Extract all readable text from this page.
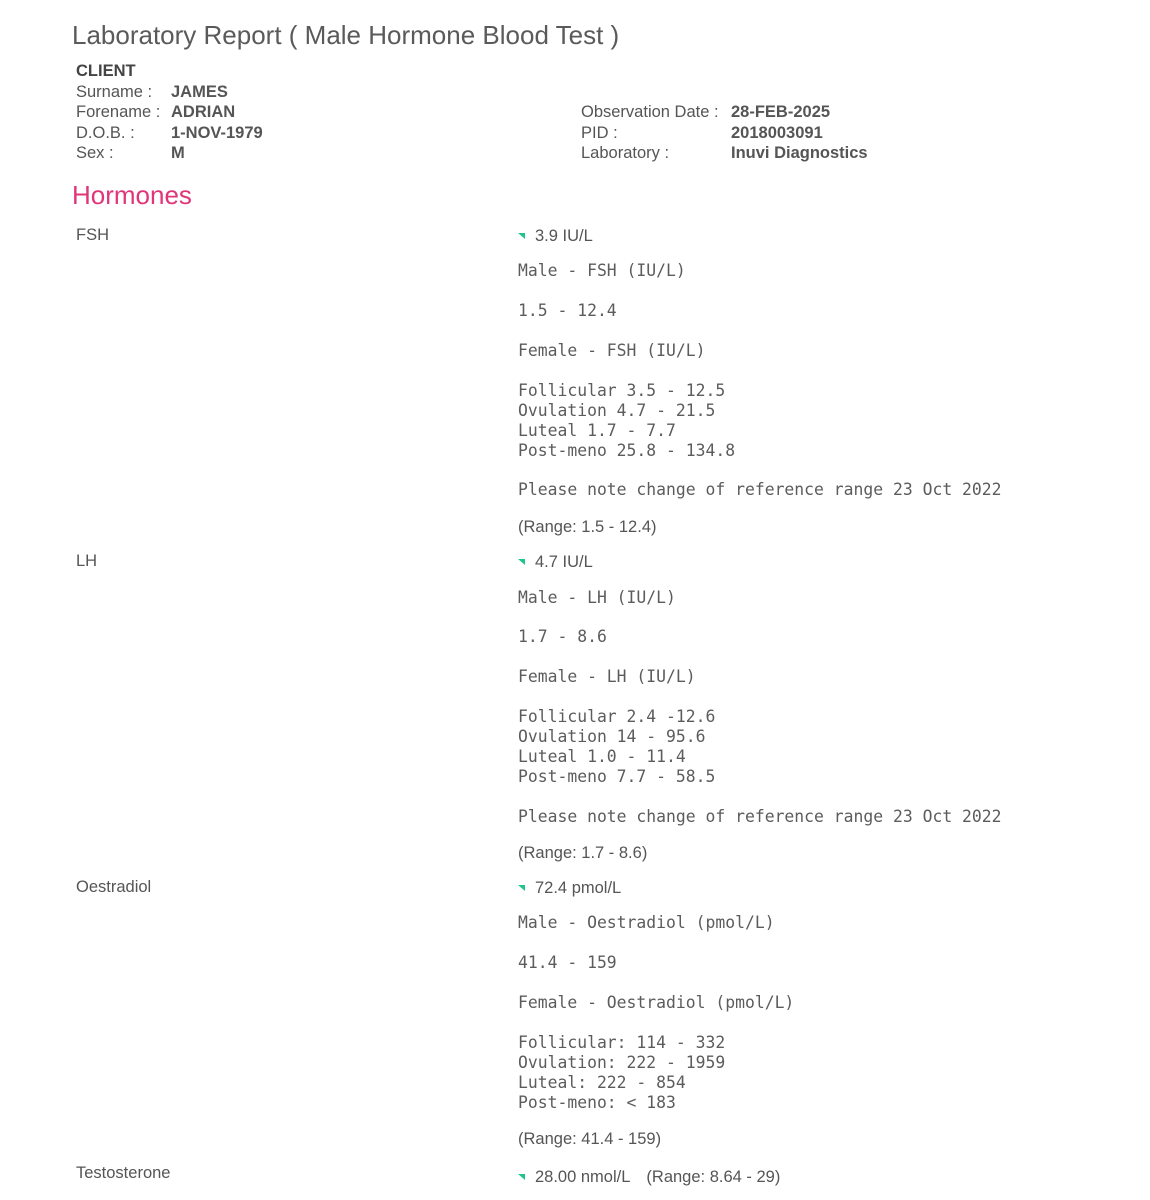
Laboratory Report ( Male Hormone Blood Test )
CLIENT
Surname :	JAMES
Forename : ADRIAN
D.O.B. :	1-NOV-1979
Sex :	M
Observation Date : 28-FEB-2025
PID :	2018003091
Laboratory :	Inuvi Diagnostics
Hormones
FSH	3.9 IU/L
Male - FSH (IU/L)
1.5 - 12.4
Female - FSH (IU/L)
Follicular 3.5 - 12.5
Ovulation 4.7 - 21.5
Luteal 1.7 - 7.7
Post-meno 25.8 - 134.8
Please note change of reference range 23 Oct 2022
(Range: 1.5 - 12.4)
LH	4.7 IU/L
Male - LH (IU/L)
1.7 - 8.6
Female - LH (IU/L)
Follicular 2.4 -12.6
Ovulation 14 - 95.6
Luteal 1.0 - 11.4
Post-meno 7.7 - 58.5
Please note change of reference range 23 Oct 2022
(Range: 1.7 - 8.6)
Oestradiol	72.4 pmol/L
Male - Oestradiol (pmol/L)
41.4 - 159
Female - Oestradiol (pmol/L)
Follicular: 114 - 332
Ovulation: 222 - 1959
Luteal: 222 - 854
Post-meno: < 183
(Range: 41.4 - 159)
Testosterone	28.00 nmol/L (Range: 8.64 - 29)
